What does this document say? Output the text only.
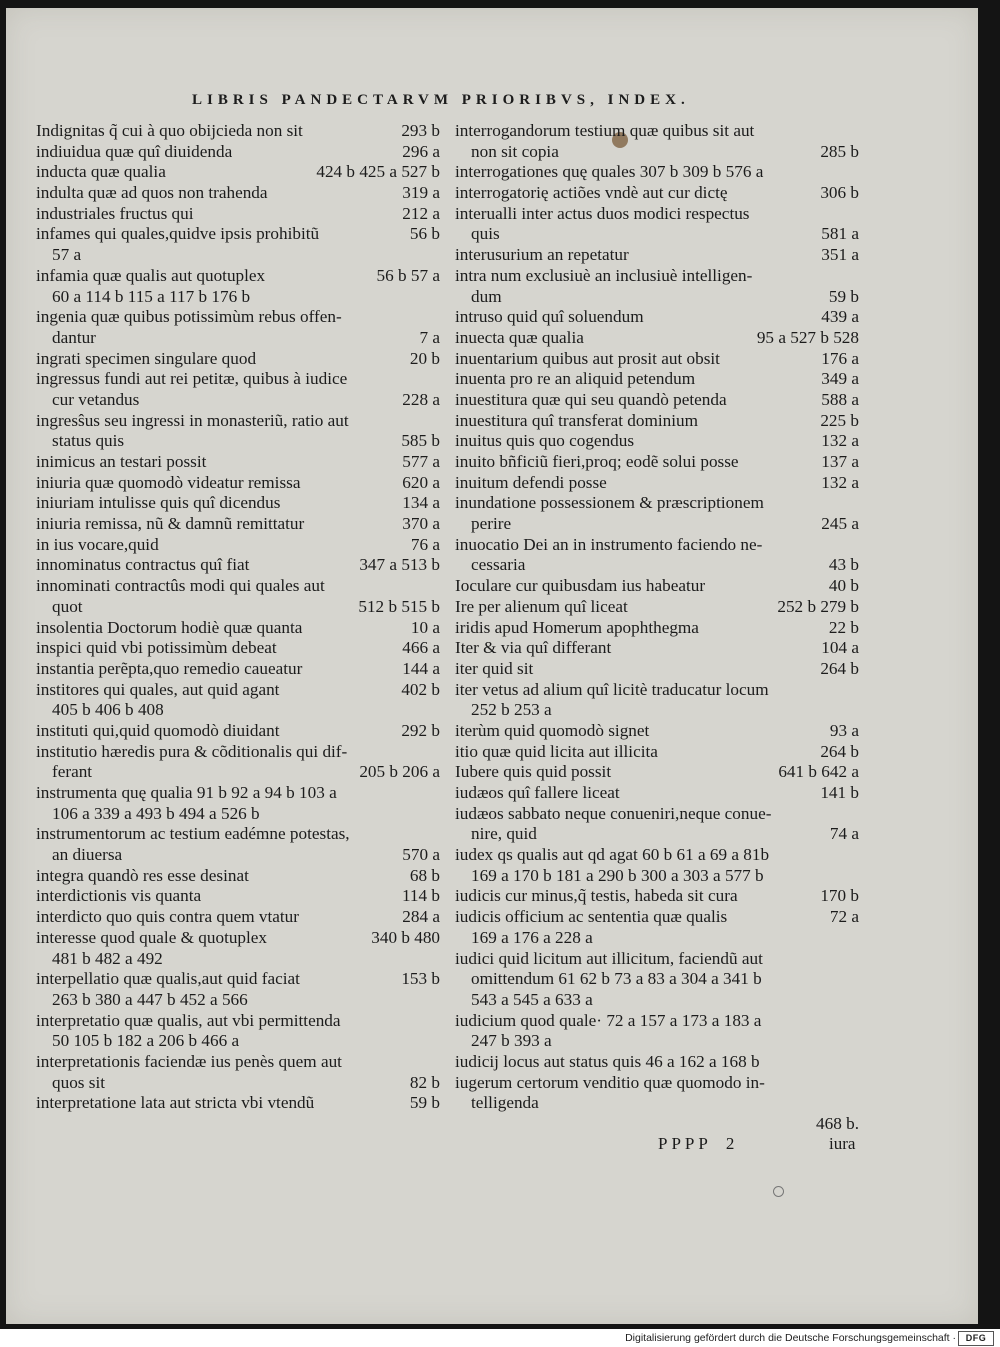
LIBRIS PANDECTARVM PRIORIBVS, INDEX.
293 b
Indignitas q̃ cui à quo obijcieda non sit
296 a
indiuidua quæ quî diuidenda
424 b 425 a 527 b
inducta quæ qualia
319 a
indulta quæ ad quos non trahenda
212 a
industriales fructus qui
56 b
infames qui quales,quidve ipsis prohibitũ
57 a
56 b 57 a
infamia quæ qualis aut quotuplex
60 a 114 b 115 a 117 b 176 b
ingenia quæ quibus potissimùm rebus offen-
7 a
dantur
20 b
ingrati specimen singulare quod
ingressus fundi aut rei petitæ, quibus à iudice
228 a
cur vetandus
ingresŝus seu ingressi in monasteriũ, ratio aut
585 b
status quis
577 a
inimicus an testari possit
620 a
iniuria quæ quomodò videatur remissa
134 a
iniuriam intulisse quis quî dicendus
370 a
iniuria remissa, nũ & damnũ remittatur
76 a
in ius vocare,quid
347 a 513 b
innominatus contractus quî fiat
innominati contractûs modi qui quales aut
512 b 515 b
quot
10 a
insolentia Doctorum hodiè quæ quanta
466 a
inspici quid vbi potissimùm debeat
144 a
instantia perẽpta,quo remedio caueatur
402 b
institores qui quales, aut quid agant
405 b 406 b 408
292 b
instituti qui,quid quomodò diuidant
institutio hæredis pura & cõditionalis qui dif-
205 b 206 a
ferant
instrumenta quę qualia 91 b 92 a 94 b 103 a
106 a 339 a 493 b 494 a 526 b
instrumentorum ac testium eadémne potestas,
570 a
an diuersa
68 b
integra quandò res esse desinat
114 b
interdictionis vis quanta
284 a
interdicto quo quis contra quem vtatur
340 b 480
interesse quod quale & quotuplex
481 b 482 a 492
153 b
interpellatio quæ qualis,aut quid faciat
263 b 380 a 447 b 452 a 566
interpretatio quæ qualis, aut vbi permittenda
50 105 b 182 a 206 b 466 a
interpretationis faciendæ ius penès quem aut
82 b
quos sit
59 b
interpretatione lata aut stricta vbi vtendũ
interrogandorum testium quæ quibus sit aut
285 b
non sit copia
interrogationes quę quales 307 b 309 b 576 a
306 b
interrogatorię actiões vndè aut cur dictę
interualli inter actus duos modici respectus
581 a
quis
351 a
interusurium an repetatur
intra num exclusiuè an inclusiuè intelligen-
59 b
dum
439 a
intruso quid quî soluendum
95 a 527 b 528
inuecta quæ qualia
176 a
inuentarium quibus aut prosit aut obsit
349 a
inuenta pro re an aliquid petendum
588 a
inuestitura quæ qui seu quandò petenda
225 b
inuestitura quî transferat dominium
132 a
inuitus quis quo cogendus
137 a
inuito bñficiũ fieri,proq; eodẽ solui posse
132 a
inuitum defendi posse
inundatione possessionem & præscriptionem
245 a
perire
inuocatio Dei an in instrumento faciendo ne-
43 b
cessaria
40 b
Ioculare cur quibusdam ius habeatur
252 b 279 b
Ire per alienum quî liceat
22 b
iridis apud Homerum apophthegma
104 a
Iter & via quî differant
264 b
iter quid sit
iter vetus ad alium quî licitè traducatur locum
252 b 253 a
93 a
iterùm quid quomodò signet
264 b
itio quæ quid licita aut illicita
641 b 642 a
Iubere quis quid possit
141 b
iudæos quî fallere liceat
iudæos sabbato neque conueniri,neque conue-
74 a
nire, quid
iudex qs qualis aut qd agat 60 b 61 a 69 a 81b
169 a 170 b 181 a 290 b 300 a 303 a 577 b
170 b
iudicis cur minus,q̃ testis, habeda sit cura
72 a
iudicis officium ac sententia quæ qualis
169 a 176 a 228 a
iudici quid licitum aut illicitum, faciendũ aut
omittendum 61 62 b 73 a 83 a 304 a 341 b
543 a 545 a 633 a
iudicium quod quale· 72 a 157 a 173 a 183 a
247 b 393 a
iudicij locus aut status quis 46 a 162 a 168 b
iugerum certorum venditio quæ quomodo in-
telligenda
468 b.
PPPP 2	iura
Digitalisierung gefördert durch die Deutsche Forschungsgemeinschaft ·	DFG
